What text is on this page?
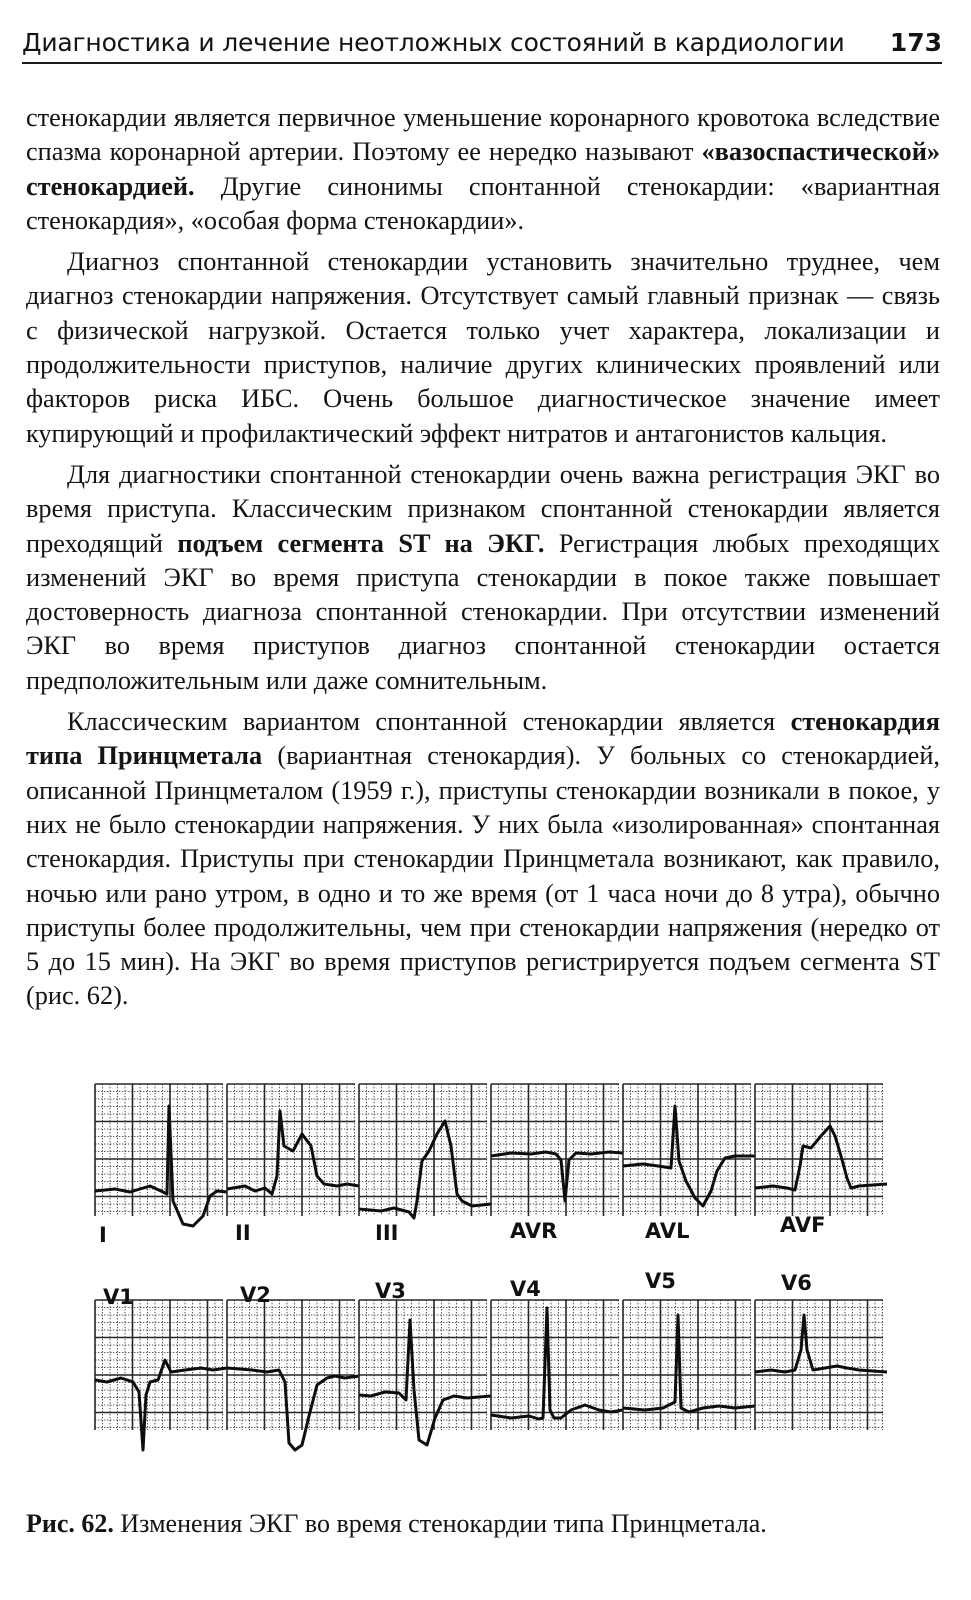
Диагностика и лечение неотложных состояний в кардиологии 173

стенокардии является первичное уменьшение коронарного кровотока вследствие спазма коронарной артерии. Поэтому ее нередко называют «вазоспастической» стенокардией. Другие синонимы спонтанной стенокардии: «вариантная стенокардия», «особая форма стенокардии».

Диагноз спонтанной стенокардии установить значительно труднее, чем диагноз стенокардии напряжения. Отсутствует самый главный признак — связь с физической нагрузкой. Остается только учет характера, локализации и продолжительности приступов, наличие других клинических проявлений или факторов риска ИБС. Очень большое диагностическое значение имеет купирующий и профилактический эффект нитратов и антагонистов кальция.

Для диагностики спонтанной стенокардии очень важна регистрация ЭКГ во время приступа. Классическим признаком спонтанной стенокардии является преходящий подъем сегмента ST на ЭКГ. Регистрация любых преходящих изменений ЭКГ во время приступа стенокардии в покое также повышает достоверность диагноза спонтанной стенокардии. При отсутствии изменений ЭКГ во время приступов диагноз спонтанной стенокардии остается предположительным или даже сомнительным.

Классическим вариантом спонтанной стенокардии является стенокардия типа Принцметала (вариантная стенокардия). У больных со стенокардией, описанной Принцметалом (1959 г.), приступы стенокардии возникали в покое, у них не было стенокардии напряжения. У них была «изолированная» спонтанная стенокардия. Приступы при стенокардии Принцметала возникают, как правило, ночью или рано утром, в одно и то же время (от 1 часа ночи до 8 утра), обычно приступы более продолжительны, чем при стенокардии напряжения (нередко от 5 до 15 мин). На ЭКГ во время приступов регистрируется подъем сегмента ST (рис. 62).

I	II	III	AVR	AVL	AVF
V1	V2	V3	V4	V5	V6
Рис. 62. Изменения ЭКГ во время стенокардии типа Принцметала.
